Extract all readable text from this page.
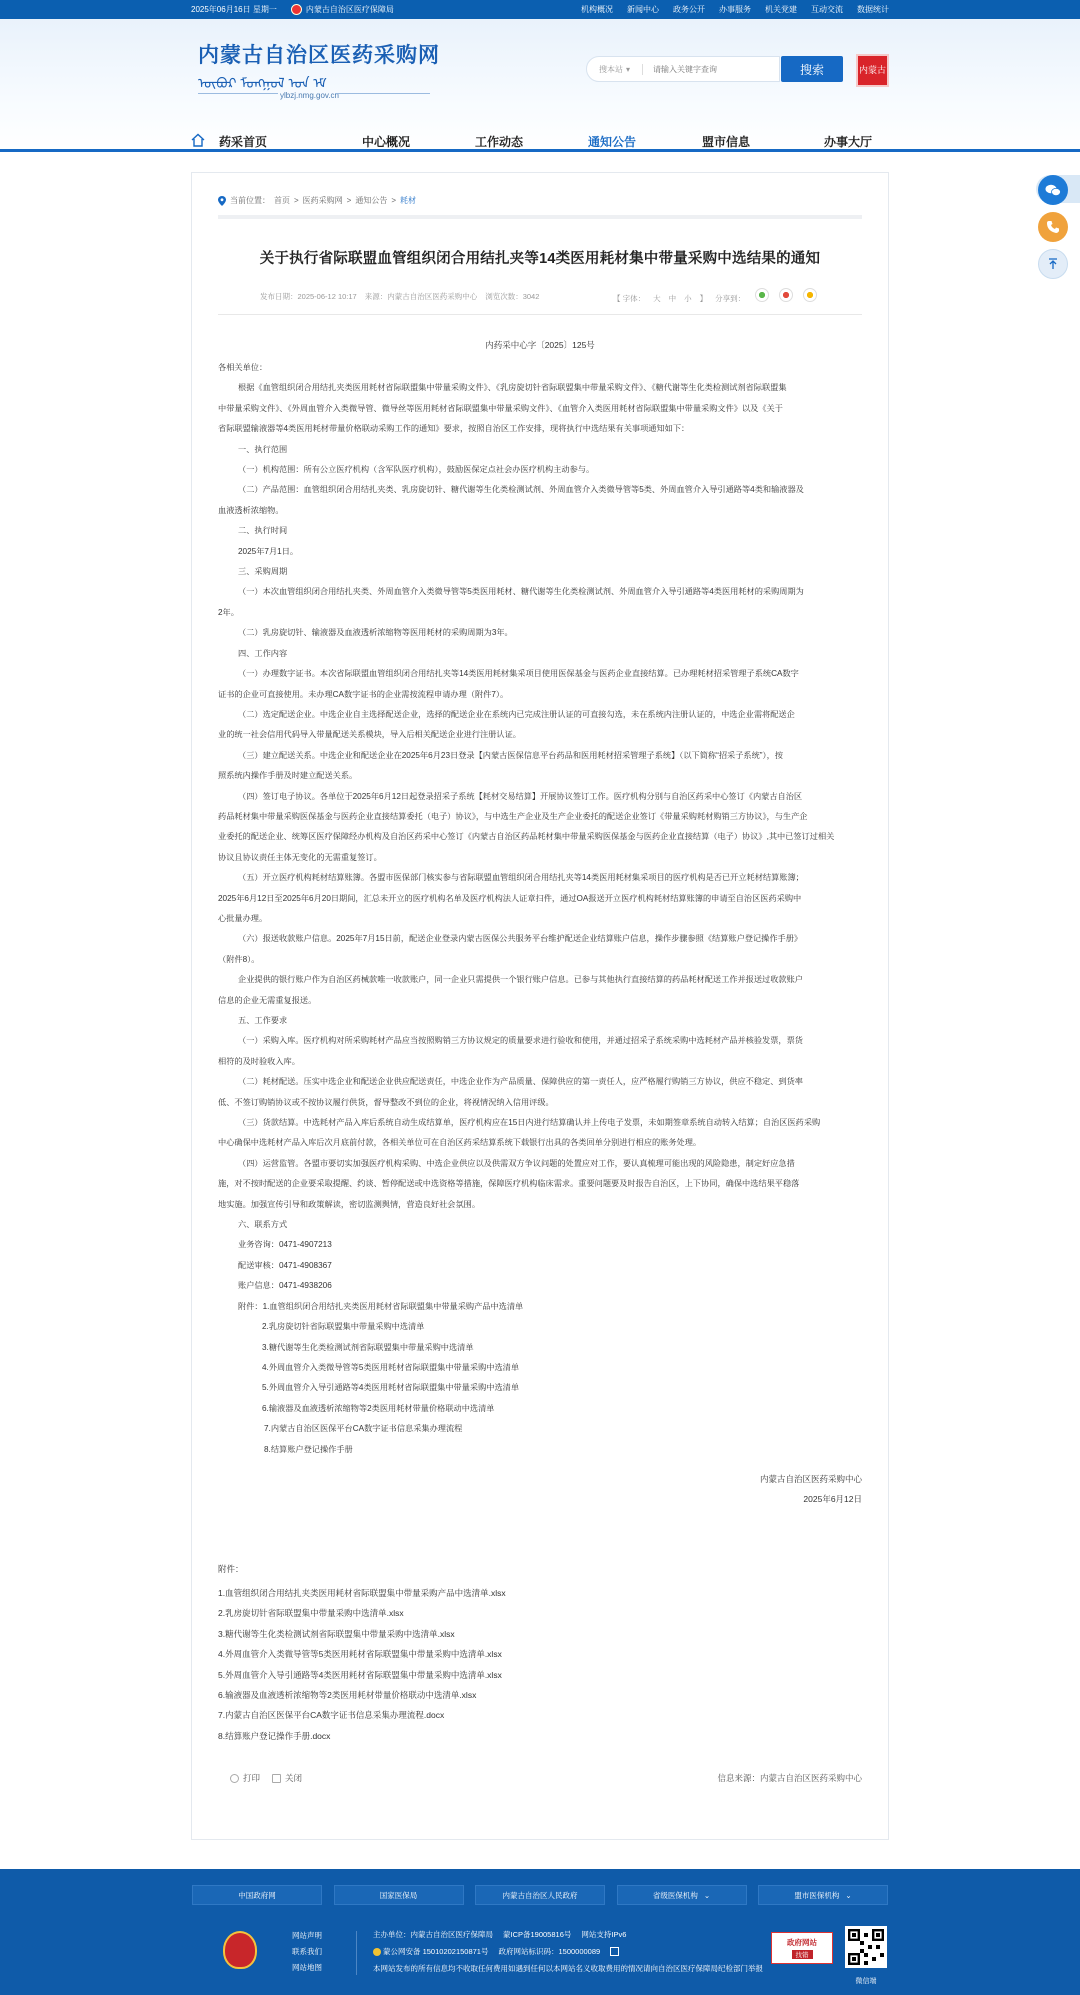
2025年06月16日 星期一	内蒙古自治区医疗保障局	机构概况 新闻中心 政务公开 办事服务 机关党建 互动交流 数据统计
内蒙古自治区医药采购网
ᠥᠪᠦᠷ ᠮᠣᠩᠭᠣᠯ ᠤᠨ ᠡᠮ
ylbzj.nmg.gov.cn
搜本站 ▾
请输入关键字查询	搜索	内蒙古
药采首页	中心概况	工作动态	通知公告	盟市信息	办事大厅
当前位置： 首页 > 医药采购网 > 通知公告 > 耗材
关于执行省际联盟血管组织闭合用结扎夹等14类医用耗材集中带量采购中选结果的通知
发布日期：2025-06-12 10:17 来源：内蒙古自治区医药采购中心 浏览次数：3042	【 字体： 大 中 小 】 分享到：
内药采中心字〔2025〕125号

各相关单位：

根据《血管组织闭合用结扎夹类医用耗材省际联盟集中带量采购文件》、《乳房旋切针省际联盟集中带量采购文件》、《糖代谢等生化类检测试剂省际联盟集

中带量采购文件》、《外周血管介入类微导管、微导丝等医用耗材省际联盟集中带量采购文件》、《血管介入类医用耗材省际联盟集中带量采购文件》以及《关于

省际联盟输液器等4类医用耗材带量价格联动采购工作的通知》要求，按照自治区工作安排，现将执行中选结果有关事项通知如下：

一、执行范围

（一）机构范围：所有公立医疗机构（含军队医疗机构），鼓励医保定点社会办医疗机构主动参与。

（二）产品范围：血管组织闭合用结扎夹类、乳房旋切针、糖代谢等生化类检测试剂、外周血管介入类微导管等5类、外周血管介入导引通路等4类和输液器及

血液透析浓缩物。

二、执行时间

2025年7月1日。

三、采购周期

（一）本次血管组织闭合用结扎夹类、外周血管介入类微导管等5类医用耗材、糖代谢等生化类检测试剂、外周血管介入导引通路等4类医用耗材的采购周期为

2年。

（二）乳房旋切针、输液器及血液透析浓缩物等医用耗材的采购周期为3年。

四、工作内容

（一）办理数字证书。本次省际联盟血管组织闭合用结扎夹等14类医用耗材集采项目使用医保基金与医药企业直接结算。已办理耗材招采管理子系统CA数字

证书的企业可直接使用。未办理CA数字证书的企业需按流程申请办理（附件7）。

（二）选定配送企业。中选企业自主选择配送企业，选择的配送企业在系统内已完成注册认证的可直接勾选，未在系统内注册认证的，中选企业需将配送企

业的统一社会信用代码导入带量配送关系模块，导入后相关配送企业进行注册认证。

（三）建立配送关系。中选企业和配送企业在2025年6月23日登录【内蒙古医保信息平台药品和医用耗材招采管理子系统】（以下简称“招采子系统”），按

照系统内操作手册及时建立配送关系。

（四）签订电子协议。各单位于2025年6月12日起登录招采子系统【耗材交易结算】开展协议签订工作。医疗机构分别与自治区药采中心签订《内蒙古自治区

药品耗材集中带量采购医保基金与医药企业直接结算委托（电子）协议》，与中选生产企业及生产企业委托的配送企业签订《带量采购耗材购销三方协议》，与生产企

业委托的配送企业、统筹区医疗保障经办机构及自治区药采中心签订《内蒙古自治区药品耗材集中带量采购医保基金与医药企业直接结算（电子）协议》,其中已签订过相关

协议且协议责任主体无变化的无需重复签订。

（五）开立医疗机构耗材结算账簿。各盟市医保部门核实参与省际联盟血管组织闭合用结扎夹等14类医用耗材集采项目的医疗机构是否已开立耗材结算账簿；

2025年6月12日至2025年6月20日期间，汇总未开立的医疗机构名单及医疗机构法人证章扫件，通过OA报送开立医疗机构耗材结算账簿的申请至自治区医药采购中

心批量办理。

（六）报送收款账户信息。2025年7月15日前，配送企业登录内蒙古医保公共服务平台维护配送企业结算账户信息，操作步骤参照《结算账户登记操作手册》

（附件8）。

企业提供的银行账户作为自治区药械款唯一收款账户，同一企业只需提供一个银行账户信息。已参与其他执行直接结算的药品耗材配送工作并报送过收款账户

信息的企业无需重复报送。

五、工作要求

（一）采购入库。医疗机构对所采购耗材产品应当按照购销三方协议规定的质量要求进行验收和使用，并通过招采子系统采购中选耗材产品并核验发票，票货

相符的及时验收入库。

（二）耗材配送。压实中选企业和配送企业供应配送责任，中选企业作为产品质量、保障供应的第一责任人，应严格履行购销三方协议，供应不稳定、到货率

低、不签订购销协议或不按协议履行供货，督导整改不到位的企业，将视情況纳入信用评级。

（三）货款结算。中选耗材产品入库后系统自动生成结算单，医疗机构应在15日内进行结算确认并上传电子发票，未如期签章系统自动转入结算；自治区医药采购

中心确保中选耗材产品入库后次月底前付款，各相关单位可在自治区药采结算系统下载银行出具的各类回单分别进行相应的账务处理。

（四）运营监管。各盟市要切实加强医疗机构采购、中选企业供应以及供需双方争议问题的处置应对工作，要认真梳理可能出现的风险隐患，制定好应急措

施，对不按时配送的企业要采取提醒、约谈、暂停配送或中选资格等措施，保障医疗机构临床需求。重要问题要及时报告自治区，上下协同，确保中选结果平稳落

地实施。加强宣传引导和政策解读，密切监测舆情，营造良好社会氛围。

六、联系方式

业务咨询：0471-4907213

配送审核：0471-4908367

账户信息：0471-4938206

附件：1.血管组织闭合用结扎夹类医用耗材省际联盟集中带量采购产品中选清单

2.乳房旋切针省际联盟集中带量采购中选清单

3.糖代谢等生化类检测试剂省际联盟集中带量采购中选清单

4.外周血管介入类微导管等5类医用耗材省际联盟集中带量采购中选清单

5.外周血管介入导引通路等4类医用耗材省际联盟集中带量采购中选清单

6.输液器及血液透析浓缩物等2类医用耗材带量价格联动中选清单

7.内蒙古自治区医保平台CA数字证书信息采集办理流程

8.结算账户登记操作手册

内蒙古自治区医药采购中心
2025年6月12日
附件：
1.血管组织闭合用结扎夹类医用耗材省际联盟集中带量采购产品中选清单.xlsx
2.乳房旋切针省际联盟集中带量采购中选清单.xlsx
3.糖代谢等生化类检测试剂省际联盟集中带量采购中选清单.xlsx
4.外周血管介入类微导管等5类医用耗材省际联盟集中带量采购中选清单.xlsx
5.外周血管介入导引通路等4类医用耗材省际联盟集中带量采购中选清单.xlsx
6.输液器及血液透析浓缩物等2类医用耗材带量价格联动中选清单.xlsx
7.内蒙古自治区医保平台CA数字证书信息采集办理流程.docx
8.结算账户登记操作手册.docx
打印	关闭	信息来源：内蒙古自治区医药采购中心
中国政府网	国家医保局	内蒙古自治区人民政府	省级医保机构 ⌄	盟市医保机构 ⌄
网站声明
联系我们
网站地图
主办单位：内蒙古自治区医疗保障局 蒙ICP备19005816号 网站支持IPv6
蒙公网安备 15010202150871号 政府网站标识码：1500000089
本网站发布的所有信息均不收取任何费用如遇到任何以本网站名义收取费用的情况请向自治区医疗保障局纪检部门举报
政府网站
找错
微信端
